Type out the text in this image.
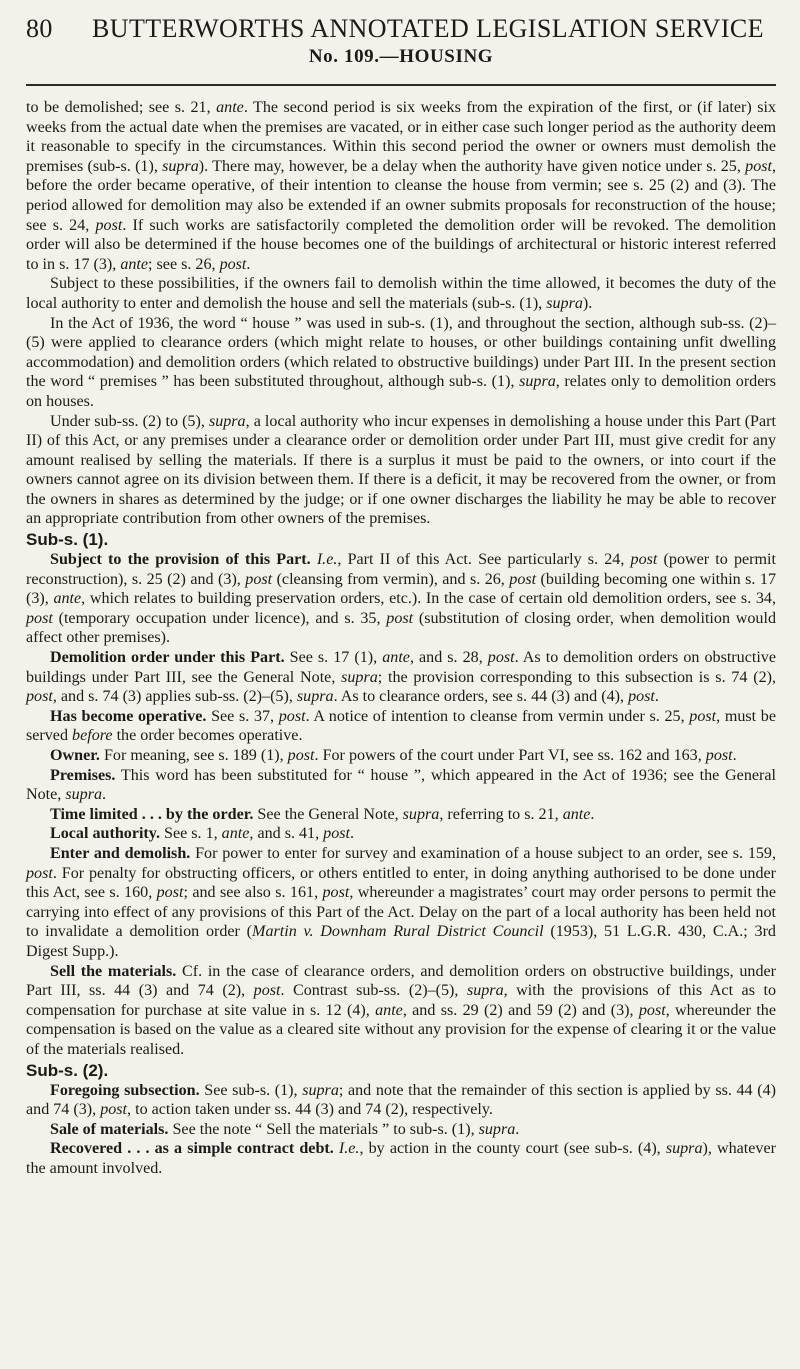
80	BUTTERWORTHS ANNOTATED LEGISLATION SERVICE
No. 109.—HOUSING

to be demolished; see s. 21, ante. The second period is six weeks from the expiration of the first, or (if later) six weeks from the actual date when the premises are vacated, or in either case such longer period as the authority deem it reasonable to specify in the circumstances. Within this second period the owner or owners must demolish the premises (sub-s. (1), supra). There may, however, be a delay when the authority have given notice under s. 25, post, before the order became operative, of their intention to cleanse the house from vermin; see s. 25 (2) and (3). The period allowed for demolition may also be extended if an owner submits proposals for reconstruction of the house; see s. 24, post. If such works are satisfactorily completed the demolition order will be revoked. The demolition order will also be determined if the house becomes one of the buildings of architectural or historic interest referred to in s. 17 (3), ante; see s. 26, post.

Subject to these possibilities, if the owners fail to demolish within the time allowed, it becomes the duty of the local authority to enter and demolish the house and sell the materials (sub-s. (1), supra).

In the Act of 1936, the word “ house ” was used in sub-s. (1), and throughout the section, although sub-ss. (2)–(5) were applied to clearance orders (which might relate to houses, or other buildings containing unfit dwelling accommodation) and demolition orders (which related to obstructive buildings) under Part III. In the present section the word “ premises ” has been substituted throughout, although sub-s. (1), supra, relates only to demolition orders on houses.

Under sub-ss. (2) to (5), supra, a local authority who incur expenses in demolishing a house under this Part (Part II) of this Act, or any premises under a clearance order or demolition order under Part III, must give credit for any amount realised by selling the materials. If there is a surplus it must be paid to the owners, or into court if the owners cannot agree on its division between them. If there is a deficit, it may be recovered from the owner, or from the owners in shares as determined by the judge; or if one owner discharges the liability he may be able to recover an appropriate contribution from other owners of the premises.

Sub-s. (1).

Subject to the provision of this Part. I.e., Part II of this Act. See particularly s. 24, post (power to permit reconstruction), s. 25 (2) and (3), post (cleansing from vermin), and s. 26, post (building becoming one within s. 17 (3), ante, which relates to building preservation orders, etc.). In the case of certain old demolition orders, see s. 34, post (temporary occupation under licence), and s. 35, post (substitution of closing order, when demolition would affect other premises).

Demolition order under this Part. See s. 17 (1), ante, and s. 28, post. As to demolition orders on obstructive buildings under Part III, see the General Note, supra; the provision corresponding to this subsection is s. 74 (2), post, and s. 74 (3) applies sub-ss. (2)–(5), supra. As to clearance orders, see s. 44 (3) and (4), post.

Has become operative. See s. 37, post. A notice of intention to cleanse from vermin under s. 25, post, must be served before the order becomes operative.

Owner. For meaning, see s. 189 (1), post. For powers of the court under Part VI, see ss. 162 and 163, post.

Premises. This word has been substituted for “ house ”, which appeared in the Act of 1936; see the General Note, supra.

Time limited . . . by the order. See the General Note, supra, referring to s. 21, ante.

Local authority. See s. 1, ante, and s. 41, post.

Enter and demolish. For power to enter for survey and examination of a house subject to an order, see s. 159, post. For penalty for obstructing officers, or others entitled to enter, in doing anything authorised to be done under this Act, see s. 160, post; and see also s. 161, post, whereunder a magistrates’ court may order persons to permit the carrying into effect of any provisions of this Part of the Act. Delay on the part of a local authority has been held not to invalidate a demolition order (Martin v. Downham Rural District Council (1953), 51 L.G.R. 430, C.A.; 3rd Digest Supp.).

Sell the materials. Cf. in the case of clearance orders, and demolition orders on obstructive buildings, under Part III, ss. 44 (3) and 74 (2), post. Contrast sub-ss. (2)–(5), supra, with the provisions of this Act as to compensation for purchase at site value in s. 12 (4), ante, and ss. 29 (2) and 59 (2) and (3), post, whereunder the compensation is based on the value as a cleared site without any provision for the expense of clearing it or the value of the materials realised.

Sub-s. (2).

Foregoing subsection. See sub-s. (1), supra; and note that the remainder of this section is applied by ss. 44 (4) and 74 (3), post, to action taken under ss. 44 (3) and 74 (2), respectively.

Sale of materials. See the note “ Sell the materials ” to sub-s. (1), supra.

Recovered . . . as a simple contract debt. I.e., by action in the county court (see sub-s. (4), supra), whatever the amount involved.
